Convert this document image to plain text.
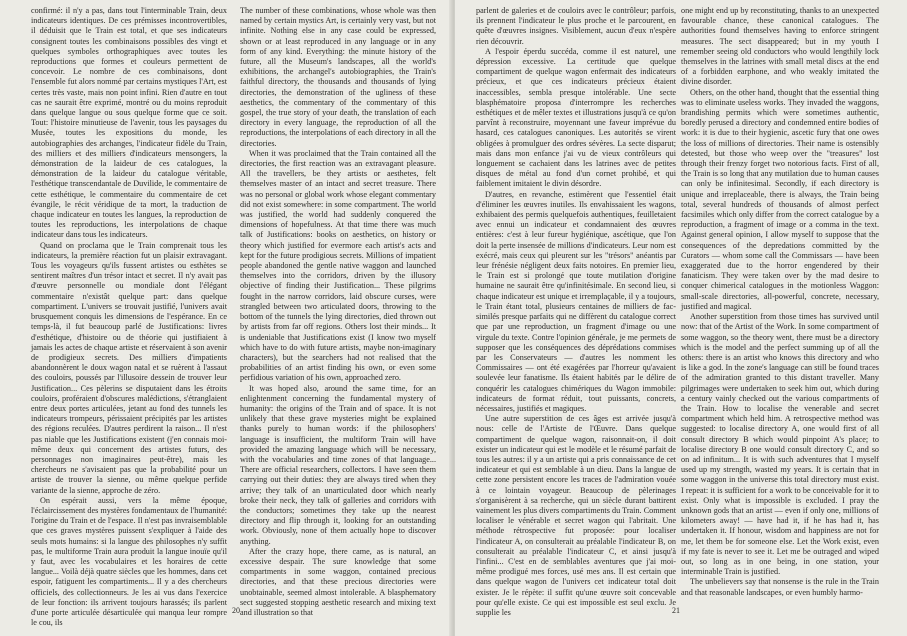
confirmé: il n'y a pas, dans tout l'interminable Train, deux indicateurs identiques. De ces prémisses incontrovertibles, il déduisit que le Train est total, et que ses indicateurs consignent toutes les combinaisons possibles des vingt et quelques symboles orthographiques avec toutes les reproductions que formes et couleurs permettent de concevoir. Le nombre de ces combinaisons, dont l'ensemble fut alors nommé par certains mystiques l'Art, est certes très vaste, mais non point infini. Rien d'autre en tout cas ne saurait être exprimé, montré ou du moins reproduit dans quelque langue ou sous quelque forme que ce soit. Tout: l'histoire minutieuse de l'avenir, tous les paysages du Musée, toutes les expositions du monde, les autobiographies des archanges, l'indicateur fidèle du Train, des milliers et des milliers d'indicateurs mensongers, la démonstration de la laideur de ces catalogues, la démonstration de la laideur du catalogue véritable, l'esthétique transcendantale de Duvilide, le commentaire de cette esthétique, le commentaire du commentaire de cet évangile, le récit véridique de ta mort, la traduction de chaque indicateur en toutes les langues, la reproduction de toutes les reproductions, les interpolations de chaque indicateur dans tous les indicateurs.

Quand on proclama que le Train comprenait tous les indicateurs, la première réaction fut un plaisir extravagant. Tous les voyageurs qu'ils fussent artistes ou esthètes se sentirent maîtres d'un trésor intact et secret. Il n'y avait pas d'œuvre personnelle ou mondiale dont l'élégant commentaire n'existât quelque part: dans quelque compartiment. L'univers se trouvait justifié, l'univers avait brusquement conquis les dimensions de l'espérance. En ce temps-là, il fut beaucoup parlé de Justifications: livres d'esthétique, d'histoire ou de théorie qui justifiaient à jamais les actes de chaque artiste et réservaient à son avenir de prodigieux secrets. Des milliers d'impatients abandonnèrent le doux wagon natal et se ruèrent à l'assaut des couloirs, poussés par l'illusoire dessein de trouver leur Justification... Ces pèlerins se disputaient dans les étroits couloirs, proféraient d'obscures malédictions, s'étranglaient entre deux portes articulées, jetant au fond des tunnels les indicateurs trompeurs, périssaient précipités par les artistes des régions reculées. D'autres perdirent la raison... Il n'est pas niable que les Justifications existent (j'en connais moi-même deux qui concernent des artistes futurs, des personnages non imaginaires peut-être), mais les chercheurs ne s'avisaient pas que la probabilité pour un artiste de trouver la sienne, ou même quelque perfide variante de la sienne, approche de zéro.

On espérait aussi, vers la même époque, l'éclaircissement des mystères fondamentaux de l'humanité: l'origine du Train et de l'espace. Il n'est pas invraisemblable que ces graves mystères puissent s'expliquer à l'aide des seuls mots humains: si la langue des philosophes n'y suffit pas, le multiforme Train aura produit la langue inouïe qu'il y faut, avec les vocabulaires et les horaires de cette langue... Voilà déjà quatre siècles que les hommes, dans cet espoir, fatiguent les compartiments... Il y a des chercheurs officiels, des collectionneurs. Je les ai vus dans l'exercice de leur fonction: ils arrivent toujours harassés; ils parlent d'une porte articulée désarticulée qui manqua leur rompre le cou, ils

The number of these combinations, whose whole was then named by certain mystics Art, is certainly very vast, but not infinite. Nothing else in any case could be expressed, shown or at least reproduced in any language or in any form of any kind. Everything: the minute history of the future, all the Museum's landscapes, all the world's exhibitions, the archangel's autobiographies, the Train's faithful directory, the thousands and thousands of lying directories, the demonstration of the ugliness of these aesthetics, the commentary of the commentary of this gospel, the true story of your death, the translation of each directory in every language, the reproduction of all the reproductions, the interpolations of each directory in all the directories.

When it was proclaimed that the Train contained all the directories, the first reaction was an extravagant pleasure. All the travellers, be they artists or aesthetes, felt themselves master of an intact and secret treasure. There was no personal or global work whose elegant commentary did not exist somewhere: in some compartment. The world was justified, the world had suddenly conquered the dimensions of hopefulness. At that time there was much talk of Justifications: books on aesthetics, on history or theory which justified for evermore each artist's acts and kept for the future prodigious secrets. Millions of impatient people abandoned the gentle native waggon and launched themselves into the corridors, driven by the illusory objective of finding their Justification... These pilgrims fought in the narrow corridors, laid obscure curses, were strangled between two articulated doors, throwing to the bottom of the tunnels the lying directories, died thrown out by artists from far off regions. Others lost their minds... It is undeniable that Justifications exist (I know two myself which have to do with future artists, maybe non-imaginary characters), but the searchers had not realised that the probabilities of an artist finding his own, or even some perfidious variation of his own, approached zero.

It was hoped also, around the same time, for an enlightenment concerning the fundamental mystery of humanity: the origins of the Train and of space. It is not unlikely that these grave mysteries might be explained thanks purely to human words: if the philosophers' language is insufficient, the multiform Train will have provided the amazing language which will be necessary, with the vocabularies and time zones of that language... There are official researchers, collectors. I have seen them carrying out their duties: they are always tired when they arrive; they talk of an unarticulated door which nearly broke their neck, they talk of galleries and corridors with the conductors; sometimes they take up the nearest directory and flip through it, looking for an outstanding work. Obviously, none of them actually hope to discover anything.

After the crazy hope, there came, as is natural, an excessive despair. The sure knowledge that some compartments in some waggon, contained precious directories, and that these precious directories were unobtainable, seemed almost intolerable. A blasphematory sect suggested stopping aesthetic research and mixing text and illustration so that

20

parlent de galeries et de couloirs avec le contrôleur; parfois, ils prennent l'indicateur le plus proche et le parcourent, en quête d'œuvres insignes. Visiblement, aucun d'eux n'espère rien découvrir.

A l'espoir éperdu succéda, comme il est naturel, une dépression excessive. La certitude que quelque compartiment de quelque wagon enfermait des indicateurs précieux, et que ces indicateurs précieux étaient inaccessibles, sembla presque intolérable. Une secte blasphématoire proposa d'interrompre les recherches esthétiques et de mêler textes et illustrations jusqu'à ce qu'on parvînt à reconstruire, moyennant une faveur imprévue du hasard, ces catalogues canoniques. Les autorités se virent obligées à promulguer des ordres sévères. La secte disparut; mais dans mon enfance j'ai vu de vieux contrôleurs qui longuement se cachaient dans les latrines avec de petites disques de métal au fond d'un cornet prohibé, et qui faiblement imitaient le divin désordre.

D'autres, en revanche, estimèrent que l'essentiel était d'éliminer les œuvres inutiles. Ils envahissaient les wagons, exhibaient des permis quelquefois authentiques, feuilletaient avec ennui un indicateur et condamnaient des œuvres entières: c'est à leur fureur hygiénique, ascétique, que l'on doit la perte insensée de millions d'indicateurs. Leur nom est exécré, mais ceux qui pleurent sur les "trésors" anéantis par leur frénésie négligent deux faits notoires. En premier lieu, le Train est si prolongé que toute mutilation d'origine humaine ne saurait être qu'infinitésimale. En second lieu, si chaque indicateur est unique et irremplaçable, il y a toujours, le Train étant total, plusieurs centaines de milliers de fac-similés presque parfaits qui ne diffèrent du catalogue correct que par une reproduction, un fragment d'image ou une virgule du texte. Contre l'opinion générale, je me permets de supposer que les conséquences des déprédations commises par les Conservateurs — d'autres les nomment les Commissaires — ont été exagérées par l'horreur qu'avaient soulevée leur fanatisme. Ils étaient habités par le délire de conquérir les catalogues chimériques du Wagon immobile: indicateurs de format réduit, tout puissants, concrets, nécessaires, justifiés et magiques.

Une autre superstition de ces âges est arrivée jusqu'à nous: celle de l'Artiste de l'Œuvre. Dans quelque compartiment de quelque wagon, raisonnait-on, il doit exister un indicateur qui est le modèle et le résumé parfait de tous les autres: il y a un artiste qui a pris connaissance de cet indicateur et qui est semblable à un dieu. Dans la langue de cette zone persistent encore les traces de l'admiration vouée à ce lointain voyageur. Beaucoup de pèlerinages s'organisèrent à sa recherche, qui un siècle durant battirent vainement les plus divers compartiments du Train. Comment localiser le vénérable et secret wagon qui l'abritait. Une méthode rétrospective fut proposée: pour localiser l'indicateur A, on consulterait au préalable l'indicateur B, on consulterait au préalable l'indicateur C, et ainsi jusqu'à l'infini... C'est en de semblables aventures que j'ai moi-même prodigué mes forces, usé mes ans. Il est certain que dans quelque wagon de l'univers cet indicateur total doit exister. Je le répète: il suffit qu'une œuvre soit concevable pour qu'elle existe. Ce qui est impossible est seul exclu. Je supplie les

one might end up by reconstituting, thanks to an unexpected favourable chance, these canonical catalogues. The authorities found themselves having to enforce stringent measures. The sect disappeared; but in my youth I remember seeing old conductors who would lengthily lock themselves in the latrines with small metal discs at the end of a forbidden earphone, and who weakly imitated the divine disorder.

Others, on the other hand, thought that the essential thing was to eliminate useless works. They invaded the waggons, brandishing permits which were sometimes authentic, boredly perused a directory and condemned entire bodies of work: it is due to their hygienic, ascetic fury that one owes the loss of millions of directories. Their name is ostensibly detested, but those who weep over the "treasures" lost through their frenzy forget two notorious facts. First of all, the Train is so long that any mutilation due to human causes can only be infinitesimal. Secondly, if each directory is unique and irreplaceable, there is always, the Train being total, several hundreds of thousands of almost perfect facsimiles which only differ from the correct catalogue by a reproduction, a fragment of image or a comma in the text. Against general opinion, I allow myself to suppose that the consequences of the depredations committed by the Curators — whom some call the Commissars — have been exaggerated due to the horror engendered by their fanaticism. They were taken over by the mad desire to conquer chimerical catalogues in the motionless Waggon: small-scale directories, all-powerful, concrete, necessary, justified and magical.

Another superstition from those times has survived until now: that of the Artist of the Work. In some compartment of some waggon, so the theory went, there must be a directory which is the model and the perfect summing up of all the others: there is an artist who knows this directory and who is like a god. In the zone's language can still be found traces of the admiration granted to this distant traveller. Many pilgrimages were undertaken to seek him out, which during a century vainly checked out the various compartments of the Train. How to localise the venerable and secret compartment which held him. A retrospective method was suggested: to localise directory A, one would first of all consult directory B which would pinpoint A's place; to localise directory B one would consult directory C, and so on ad infinitum... It is with such adventures that I myself used up my strength, wasted my years. It is certain that in some waggon in the universe this total directory must exist. I repeat: it is sufficient for a work to be conceivable for it to exist. Only what is impossible is excluded. I pray the unknown gods that an artist — even if only one, millions of kilometers away! — have had it, if he has had it, has undertaken it. If honour, wisdom and happiness are not for me, let them be for someone else. Let the Work exist, even if my fate is never to see it. Let me be outraged and wiped out, so long as in one being, in one station, your interminable Train is justified.

The unbelievers say that nonsense is the rule in the Train and that reasonable landscapes, or even humbly harmo-

21
